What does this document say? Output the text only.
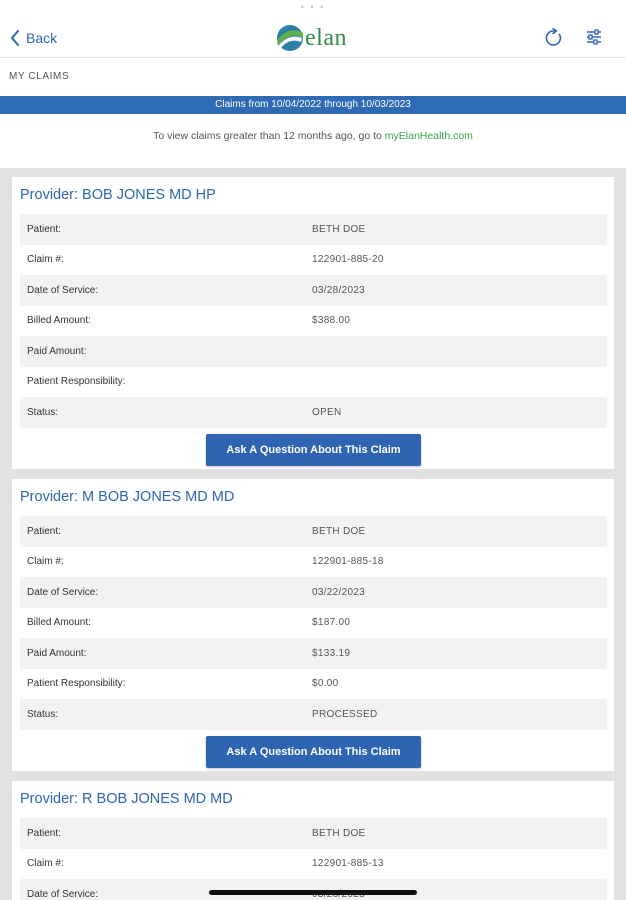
• • •
Back	elan
MY CLAIMS
Claims from 10/04/2022 through 10/03/2023
To view claims greater than 12 months ago, go to myElanHealth.com
Provider: BOB JONES MD HP
Patient:	BETH DOE
Claim #:	122901-885-20
Date of Service:	03/28/2023
Billed Amount:	$388.00
Paid Amount:
Patient Responsibility:
Status:	OPEN
Ask A Question About This Claim
Provider: M BOB JONES MD MD
Patient:	BETH DOE
Claim #:	122901-885-18
Date of Service:	03/22/2023
Billed Amount:	$187.00
Paid Amount:	$133.19
Patient Responsibility:	$0.00
Status:	PROCESSED
Ask A Question About This Claim
Provider: R BOB JONES MD MD
Patient:	BETH DOE
Claim #:	122901-885-13
Date of Service:
